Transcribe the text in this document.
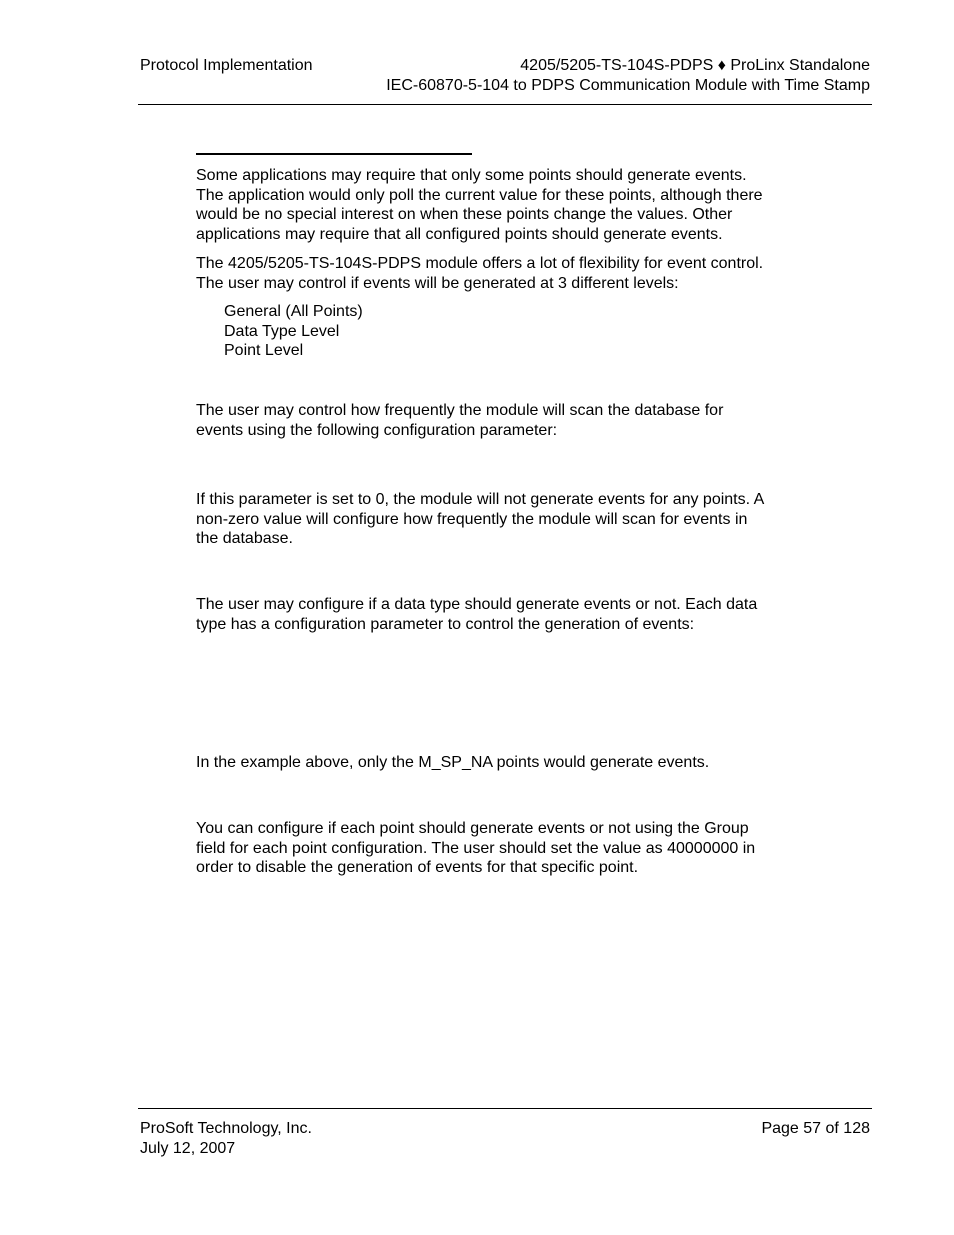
Protocol Implementation	4205/5205-TS-104S-PDPS ♦ ProLinx Standalone
IEC-60870-5-104 to PDPS Communication Module with Time Stamp

Some applications may require that only some points should generate events.
The application would only poll the current value for these points, although there
would be no special interest on when these points change the values. Other
applications may require that all configured points should generate events.

The 4205/5205-TS-104S-PDPS module offers a lot of flexibility for event control.
The user may control if events will be generated at 3 different levels:

General (All Points)
Data Type Level
Point Level

The user may control how frequently the module will scan the database for
events using the following configuration parameter:

If this parameter is set to 0, the module will not generate events for any points. A
non-zero value will configure how frequently the module will scan for events in
the database.

The user may configure if a data type should generate events or not. Each data
type has a configuration parameter to control the generation of events:

In the example above, only the M_SP_NA points would generate events.

You can configure if each point should generate events or not using the Group
field for each point configuration. The user should set the value as 40000000 in
order to disable the generation of events for that specific point.

ProSoft Technology, Inc.
July 12, 2007
Page 57 of 128
